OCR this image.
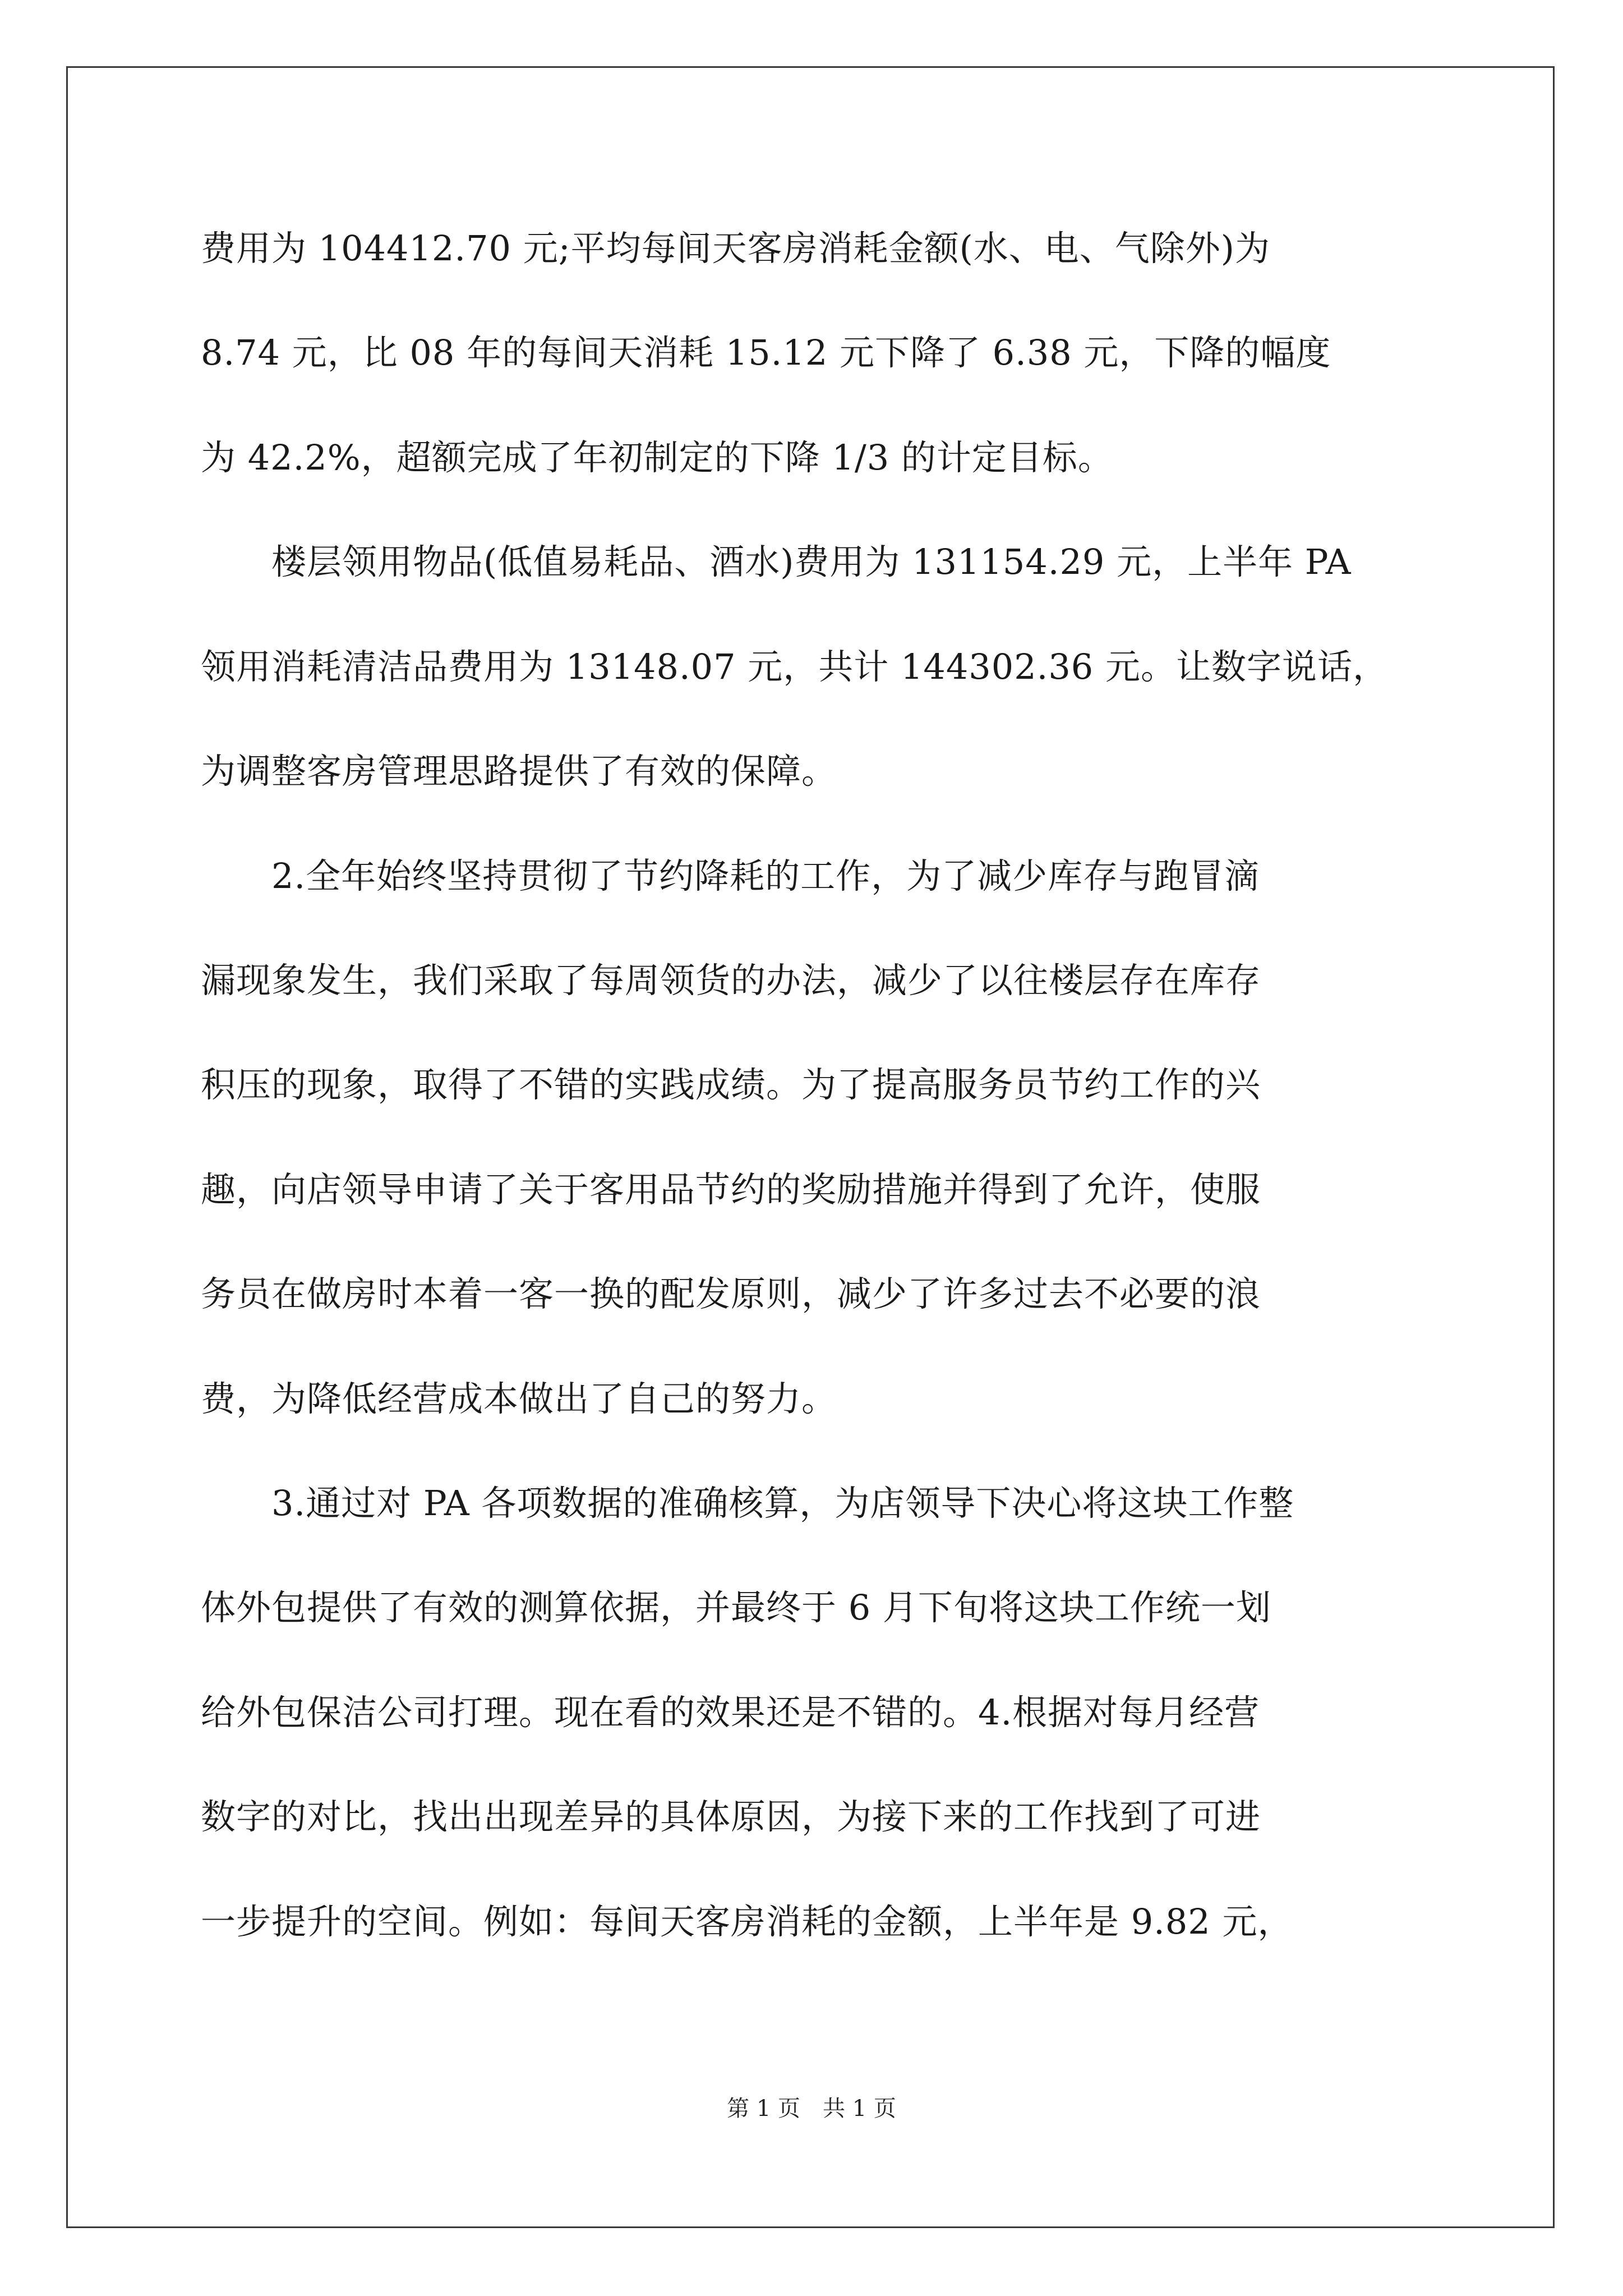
费用为 104412.70 元;平均每间天客房消耗金额(水、电、气除外)为
8.74 元，比 08 年的每间天消耗 15.12 元下降了 6.38 元，下降的幅度
为 42.2%，超额完成了年初制定的下降 1/3 的计定目标。
楼层领用物品(低值易耗品、酒水)费用为 131154.29 元，上半年 PA
领用消耗清洁品费用为 13148.07 元，共计 144302.36 元。让数字说话，
为调整客房管理思路提供了有效的保障。
2.全年始终坚持贯彻了节约降耗的工作，为了减少库存与跑冒滴
漏现象发生，我们采取了每周领货的办法，减少了以往楼层存在库存
积压的现象，取得了不错的实践成绩。为了提高服务员节约工作的兴
趣，向店领导申请了关于客用品节约的奖励措施并得到了允许，使服
务员在做房时本着一客一换的配发原则，减少了许多过去不必要的浪
费，为降低经营成本做出了自己的努力。
3.通过对 PA 各项数据的准确核算，为店领导下决心将这块工作整
体外包提供了有效的测算依据，并最终于 6 月下旬将这块工作统一划
给外包保洁公司打理。现在看的效果还是不错的。4.根据对每月经营
数字的对比，找出出现差异的具体原因，为接下来的工作找到了可进
一步提升的空间。例如：每间天客房消耗的金额，上半年是 9.82 元，
第 1 页 共 1 页
